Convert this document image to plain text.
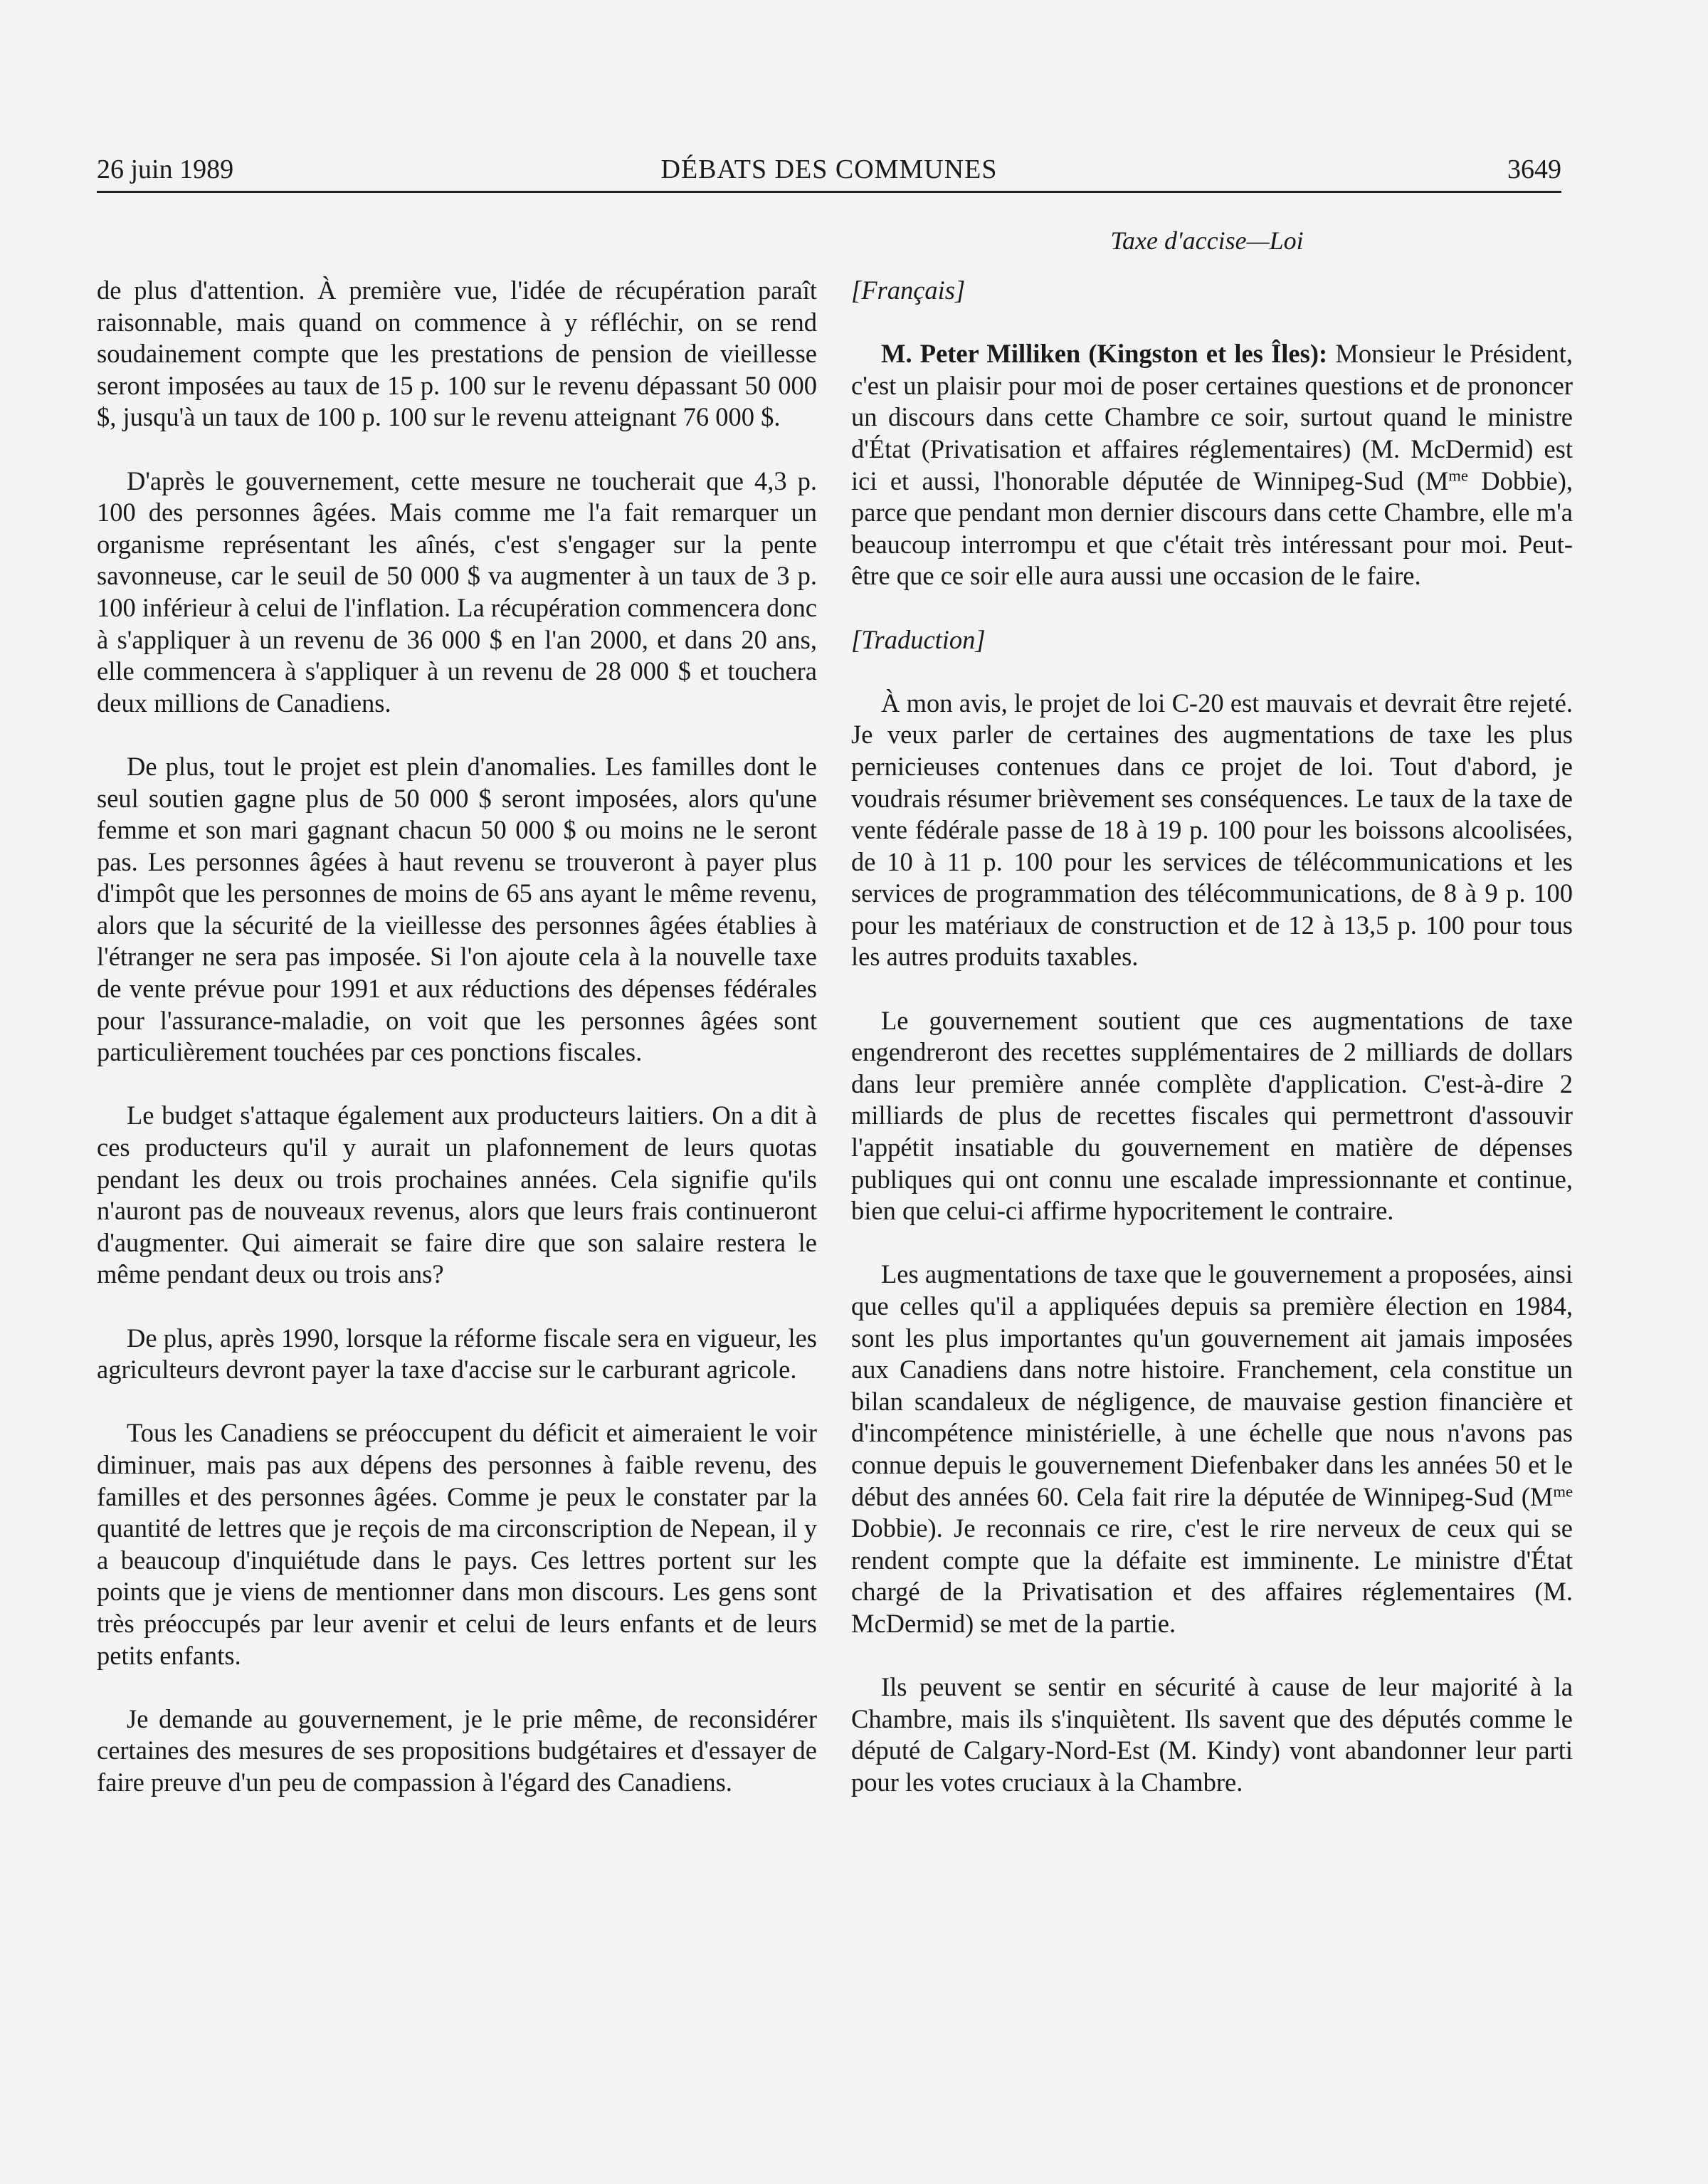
26 juin 1989	DÉBATS DES COMMUNES	3649
Taxe d'accise—Loi

de plus d'attention. À première vue, l'idée de récupération paraît raisonnable, mais quand on commence à y réfléchir, on se rend soudainement compte que les prestations de pension de vieillesse seront imposées au taux de 15 p. 100 sur le revenu dépassant 50 000 $, jusqu'à un taux de 100 p. 100 sur le revenu atteignant 76 000 $.

D'après le gouvernement, cette mesure ne toucherait que 4,3 p. 100 des personnes âgées. Mais comme me l'a fait remarquer un organisme représentant les aînés, c'est s'engager sur la pente savonneuse, car le seuil de 50 000 $ va augmenter à un taux de 3 p. 100 inférieur à celui de l'inflation. La récupération commencera donc à s'appliquer à un revenu de 36 000 $ en l'an 2000, et dans 20 ans, elle commencera à s'appliquer à un revenu de 28 000 $ et touchera deux millions de Canadiens.

De plus, tout le projet est plein d'anomalies. Les familles dont le seul soutien gagne plus de 50 000 $ seront imposées, alors qu'une femme et son mari gagnant chacun 50 000 $ ou moins ne le seront pas. Les personnes âgées à haut revenu se trouveront à payer plus d'impôt que les personnes de moins de 65 ans ayant le même revenu, alors que la sécurité de la vieillesse des personnes âgées établies à l'étranger ne sera pas imposée. Si l'on ajoute cela à la nouvelle taxe de vente prévue pour 1991 et aux réductions des dépenses fédérales pour l'assurance-maladie, on voit que les personnes âgées sont particulièrement touchées par ces ponctions fiscales.

Le budget s'attaque également aux producteurs laitiers. On a dit à ces producteurs qu'il y aurait un plafonnement de leurs quotas pendant les deux ou trois prochaines années. Cela signifie qu'ils n'auront pas de nouveaux revenus, alors que leurs frais continueront d'augmenter. Qui aimerait se faire dire que son salaire restera le même pendant deux ou trois ans?

De plus, après 1990, lorsque la réforme fiscale sera en vigueur, les agriculteurs devront payer la taxe d'accise sur le carburant agricole.

Tous les Canadiens se préoccupent du déficit et aimeraient le voir diminuer, mais pas aux dépens des personnes à faible revenu, des familles et des personnes âgées. Comme je peux le constater par la quantité de lettres que je reçois de ma circonscription de Nepean, il y a beaucoup d'inquiétude dans le pays. Ces lettres portent sur les points que je viens de mentionner dans mon discours. Les gens sont très préoccupés par leur avenir et celui de leurs enfants et de leurs petits enfants.

Je demande au gouvernement, je le prie même, de reconsidérer certaines des mesures de ses propositions budgétaires et d'essayer de faire preuve d'un peu de compassion à l'égard des Canadiens.

[Français]

M. Peter Milliken (Kingston et les Îles): Monsieur le Président, c'est un plaisir pour moi de poser certaines questions et de prononcer un discours dans cette Chambre ce soir, surtout quand le ministre d'État (Privatisation et affaires réglementaires) (M. McDermid) est ici et aussi, l'honorable députée de Winnipeg-Sud ($M^{me}$ Dobbie), parce que pendant mon dernier discours dans cette Chambre, elle m'a beaucoup interrompu et que c'était très intéressant pour moi. Peut-être que ce soir elle aura aussi une occasion de le faire.

[Traduction]

À mon avis, le projet de loi C-20 est mauvais et devrait être rejeté. Je veux parler de certaines des augmentations de taxe les plus pernicieuses contenues dans ce projet de loi. Tout d'abord, je voudrais résumer brièvement ses conséquences. Le taux de la taxe de vente fédérale passe de 18 à 19 p. 100 pour les boissons alcoolisées, de 10 à 11 p. 100 pour les services de télécommunications et les services de programmation des télécommunications, de 8 à 9 p. 100 pour les matériaux de construction et de 12 à 13,5 p. 100 pour tous les autres produits taxables.

Le gouvernement soutient que ces augmentations de taxe engendreront des recettes supplémentaires de 2 milliards de dollars dans leur première année complète d'application. C'est-à-dire 2 milliards de plus de recettes fiscales qui permettront d'assouvir l'appétit insatiable du gouvernement en matière de dépenses publiques qui ont connu une escalade impressionnante et continue, bien que celui-ci affirme hypocritement le contraire.

Les augmentations de taxe que le gouvernement a proposées, ainsi que celles qu'il a appliquées depuis sa première élection en 1984, sont les plus importantes qu'un gouvernement ait jamais imposées aux Canadiens dans notre histoire. Franchement, cela constitue un bilan scandaleux de négligence, de mauvaise gestion financière et d'incompétence ministérielle, à une échelle que nous n'avons pas connue depuis le gouvernement Diefenbaker dans les années 50 et le début des années 60. Cela fait rire la députée de Winnipeg-Sud ($M^{me}$ Dobbie). Je reconnais ce rire, c'est le rire nerveux de ceux qui se rendent compte que la défaite est imminente. Le ministre d'État chargé de la Privatisation et des affaires réglementaires (M. McDermid) se met de la partie.

Ils peuvent se sentir en sécurité à cause de leur majorité à la Chambre, mais ils s'inquiètent. Ils savent que des députés comme le député de Calgary-Nord-Est (M. Kindy) vont abandonner leur parti pour les votes cruciaux à la Chambre.
